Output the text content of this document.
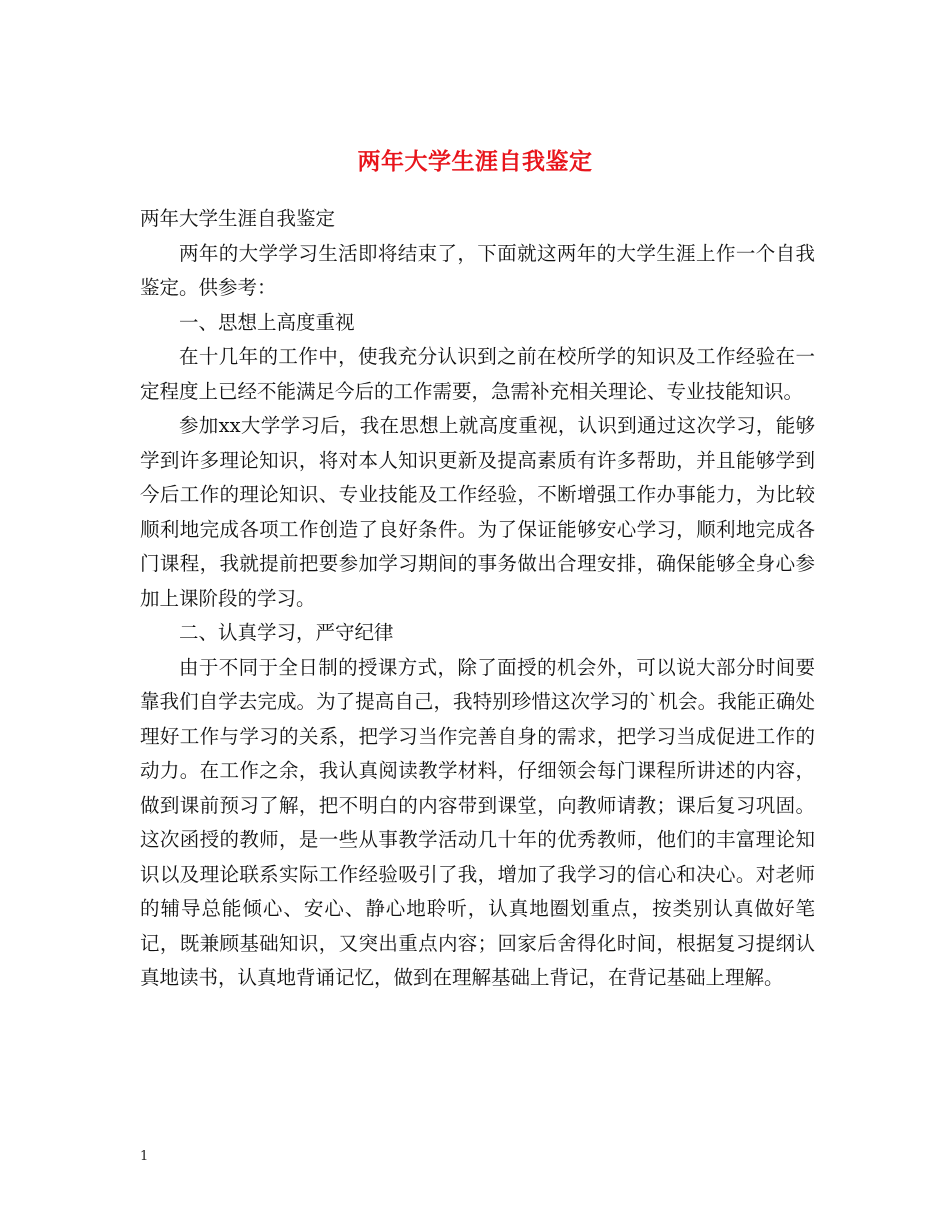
两年大学生涯自我鉴定

两年大学生涯自我鉴定

两年的大学学习生活即将结束了，下面就这两年的大学生涯上作一个自我鉴定。供参考：

一、思想上高度重视

在十几年的工作中，使我充分认识到之前在校所学的知识及工作经验在一定程度上已经不能满足今后的工作需要，急需补充相关理论、专业技能知识。

参加xx大学学习后，我在思想上就高度重视，认识到通过这次学习，能够学到许多理论知识，将对本人知识更新及提高素质有许多帮助，并且能够学到今后工作的理论知识、专业技能及工作经验，不断增强工作办事能力，为比较顺利地完成各项工作创造了良好条件。为了保证能够安心学习，顺利地完成各门课程，我就提前把要参加学习期间的事务做出合理安排，确保能够全身心参加上课阶段的学习。

二、认真学习，严守纪律

由于不同于全日制的授课方式，除了面授的机会外，可以说大部分时间要靠我们自学去完成。为了提高自己，我特别珍惜这次学习的`机会。我能正确处理好工作与学习的关系，把学习当作完善自身的需求，把学习当成促进工作的动力。在工作之余，我认真阅读教学材料，仔细领会每门课程所讲述的内容，做到课前预习了解，把不明白的内容带到课堂，向教师请教；课后复习巩固。这次函授的教师，是一些从事教学活动几十年的优秀教师，他们的丰富理论知识以及理论联系实际工作经验吸引了我，增加了我学习的信心和决心。对老师的辅导总能倾心、安心、静心地聆听，认真地圈划重点，按类别认真做好笔记，既兼顾基础知识，又突出重点内容；回家后舍得化时间，根据复习提纲认真地读书，认真地背诵记忆，做到在理解基础上背记，在背记基础上理解。

1
